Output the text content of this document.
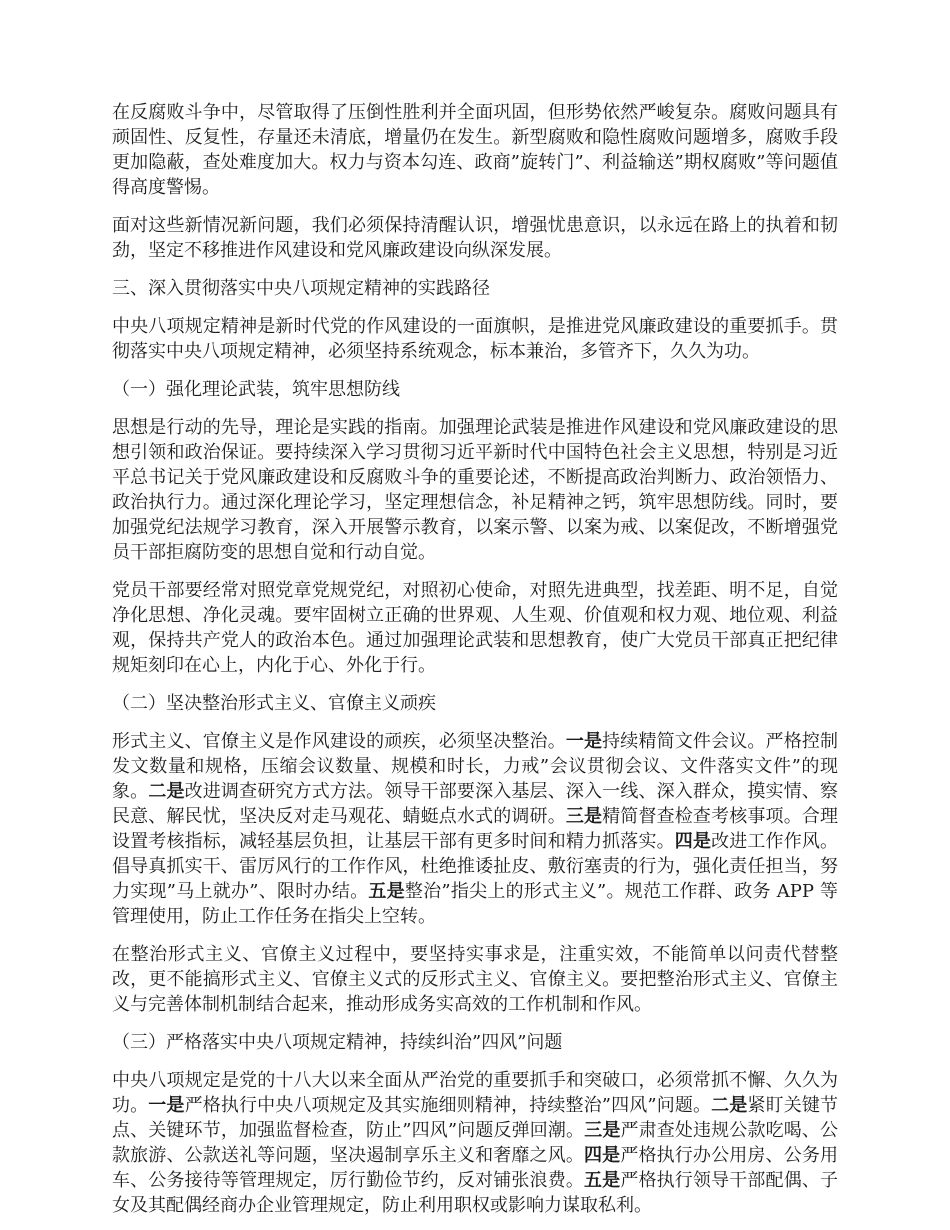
在反腐败斗争中，尽管取得了压倒性胜利并全面巩固，但形势依然严峻复杂。腐败问题具有顽固性、反复性，存量还未清底，增量仍在发生。新型腐败和隐性腐败问题增多，腐败手段更加隐蔽，查处难度加大。权力与资本勾连、政商”旋转门”、利益输送”期权腐败”等问题值得高度警惕。

面对这些新情况新问题，我们必须保持清醒认识，增强忧患意识，以永远在路上的执着和韧劲，坚定不移推进作风建设和党风廉政建设向纵深发展。

三、深入贯彻落实中央八项规定精神的实践路径

中央八项规定精神是新时代党的作风建设的一面旗帜，是推进党风廉政建设的重要抓手。贯彻落实中央八项规定精神，必须坚持系统观念，标本兼治，多管齐下，久久为功。

（一）强化理论武装，筑牢思想防线

思想是行动的先导，理论是实践的指南。加强理论武装是推进作风建设和党风廉政建设的思想引领和政治保证。要持续深入学习贯彻习近平新时代中国特色社会主义思想，特别是习近平总书记关于党风廉政建设和反腐败斗争的重要论述，不断提高政治判断力、政治领悟力、政治执行力。通过深化理论学习，坚定理想信念，补足精神之钙，筑牢思想防线。同时，要加强党纪法规学习教育，深入开展警示教育，以案示警、以案为戒、以案促改，不断增强党员干部拒腐防变的思想自觉和行动自觉。

党员干部要经常对照党章党规党纪，对照初心使命，对照先进典型，找差距、明不足，自觉净化思想、净化灵魂。要牢固树立正确的世界观、人生观、价值观和权力观、地位观、利益观，保持共产党人的政治本色。通过加强理论武装和思想教育，使广大党员干部真正把纪律规矩刻印在心上，内化于心、外化于行。

（二）坚决整治形式主义、官僚主义顽疾

形式主义、官僚主义是作风建设的顽疾，必须坚决整治。一是持续精简文件会议。严格控制发文数量和规格，压缩会议数量、规模和时长，力戒”会议贯彻会议、文件落实文件”的现象。二是改进调查研究方式方法。领导干部要深入基层、深入一线、深入群众，摸实情、察民意、解民忧，坚决反对走马观花、蜻蜓点水式的调研。三是精简督查检查考核事项。合理设置考核指标，减轻基层负担，让基层干部有更多时间和精力抓落实。四是改进工作作风。倡导真抓实干、雷厉风行的工作作风，杜绝推诿扯皮、敷衍塞责的行为，强化责任担当，努力实现”马上就办”、限时办结。五是整治”指尖上的形式主义”。规范工作群、政务 APP 等管理使用，防止工作任务在指尖上空转。

在整治形式主义、官僚主义过程中，要坚持实事求是，注重实效，不能简单以问责代替整改，更不能搞形式主义、官僚主义式的反形式主义、官僚主义。要把整治形式主义、官僚主义与完善体制机制结合起来，推动形成务实高效的工作机制和作风。

（三）严格落实中央八项规定精神，持续纠治”四风”问题

中央八项规定是党的十八大以来全面从严治党的重要抓手和突破口，必须常抓不懈、久久为功。一是严格执行中央八项规定及其实施细则精神，持续整治”四风”问题。二是紧盯关键节点、关键环节，加强监督检查，防止”四风”问题反弹回潮。三是严肃查处违规公款吃喝、公款旅游、公款送礼等问题，坚决遏制享乐主义和奢靡之风。四是严格执行办公用房、公务用车、公务接待等管理规定，厉行勤俭节约，反对铺张浪费。五是严格执行领导干部配偶、子女及其配偶经商办企业管理规定，防止利用职权或影响力谋取私利。
